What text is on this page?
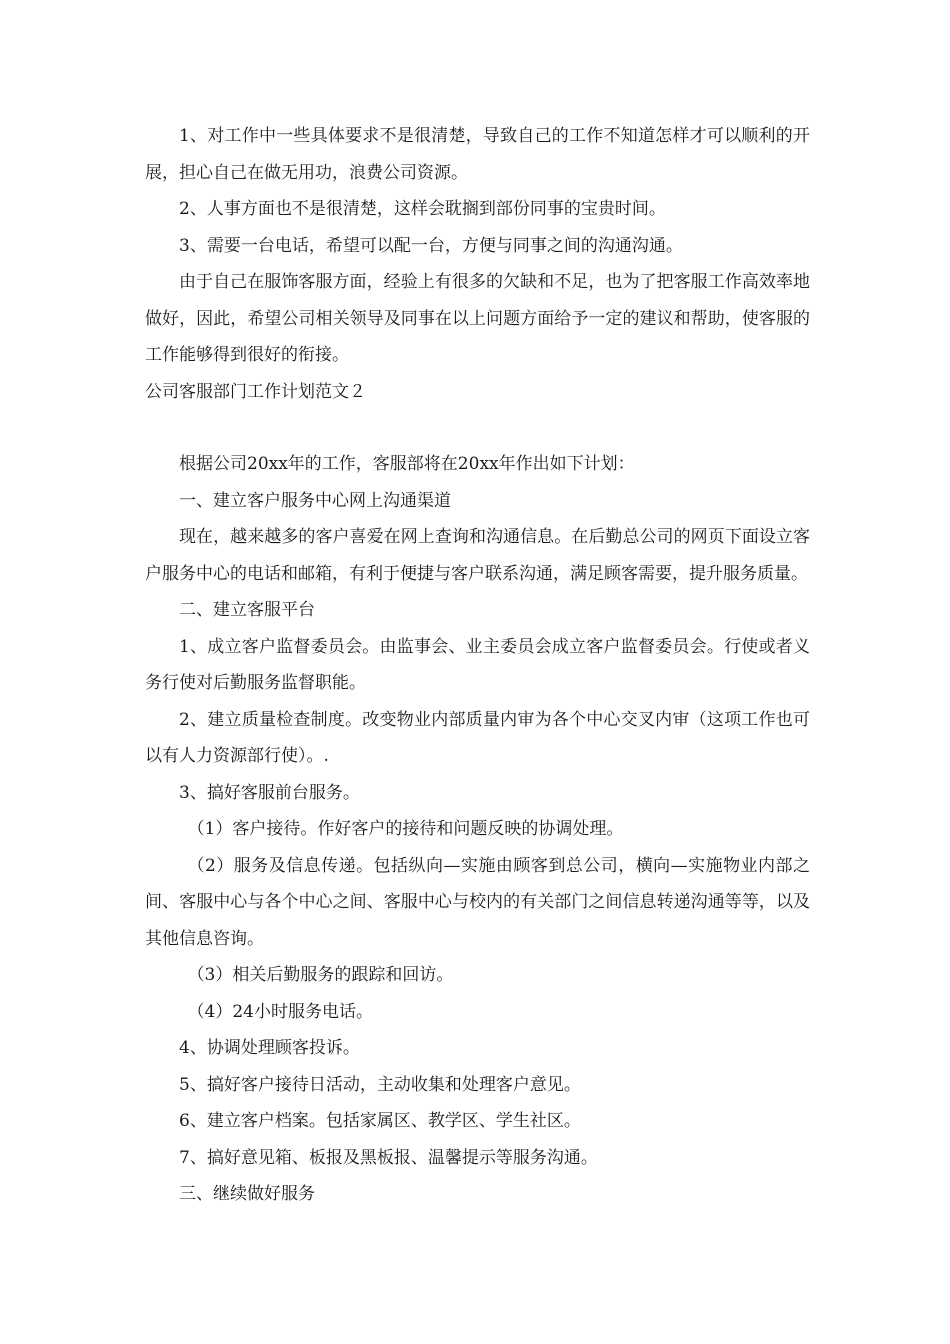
1、对工作中一些具体要求不是很清楚，导致自己的工作不知道怎样才可以顺利的开展，担心自己在做无用功，浪费公司资源。

2、人事方面也不是很清楚，这样会耽搁到部份同事的宝贵时间。

3、需要一台电话，希望可以配一台，方便与同事之间的沟通沟通。

由于自己在服饰客服方面，经验上有很多的欠缺和不足，也为了把客服工作高效率地做好，因此，希望公司相关领导及同事在以上问题方面给予一定的建议和帮助，使客服的工作能够得到很好的衔接。

公司客服部门工作计划范文２

根据公司20xx年的工作，客服部将在20xx年作出如下计划：

一、建立客户服务中心网上沟通渠道

现在，越来越多的客户喜爱在网上查询和沟通信息。在后勤总公司的网页下面设立客户服务中心的电话和邮箱，有利于便捷与客户联系沟通，满足顾客需要，提升服务质量。

二、建立客服平台

1、成立客户监督委员会。由监事会、业主委员会成立客户监督委员会。行使或者义务行使对后勤服务监督职能。

2、建立质量检查制度。改变物业内部质量内审为各个中心交叉内审（这项工作也可以有人力资源部行使）。.

3、搞好客服前台服务。

（1）客户接待。作好客户的接待和问题反映的协调处理。

（2）服务及信息传递。包括纵向—实施由顾客到总公司，横向—实施物业内部之间、客服中心与各个中心之间、客服中心与校内的有关部门之间信息转递沟通等等，以及其他信息咨询。

（3）相关后勤服务的跟踪和回访。

（4）24小时服务电话。

4、协调处理顾客投诉。

5、搞好客户接待日活动，主动收集和处理客户意见。

6、建立客户档案。包括家属区、教学区、学生社区。

7、搞好意见箱、板报及黑板报、温馨提示等服务沟通。

三、继续做好服务
